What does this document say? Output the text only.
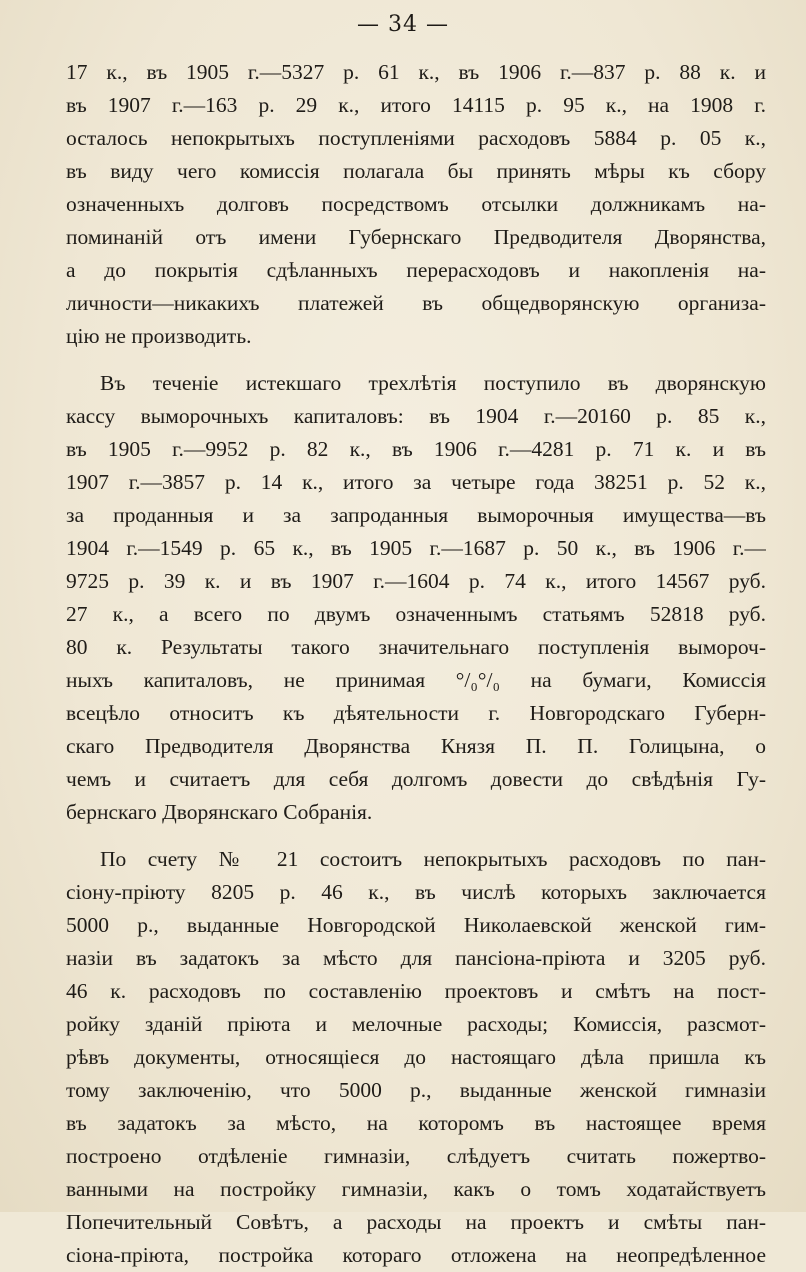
— 34 —
17 к., въ 1905 г.—5327 р. 61 к., въ 1906 г.—837 р. 88 к. и
въ 1907 г.—163 р. 29 к., итого 14115 р. 95 к., на 1908 г.
осталось непокрытыхъ поступленіями расходовъ 5884 р. 05 к.,
въ виду чего комиссія полагала бы принять мѣры къ сбору
означенныхъ долговъ посредствомъ отсылки должникамъ на-
поминаній отъ имени Губернскаго Предводителя Дворянства,
а до покрытія сдѣланныхъ перерасходовъ и накопленія на-
личности—никакихъ платежей въ общедворянскую организа-
цію не производить.
Въ теченіе истекшаго трехлѣтія поступило въ дворянскую
кассу выморочныхъ капиталовъ: въ 1904 г.—20160 р. 85 к.,
въ 1905 г.—9952 р. 82 к., въ 1906 г.—4281 р. 71 к. и въ
1907 г.—3857 р. 14 к., итого за четыре года 38251 р. 52 к.,
за проданныя и за запроданныя выморочныя имущества—въ
1904 г.—1549 р. 65 к., въ 1905 г.—1687 р. 50 к., въ 1906 г.—
9725 р. 39 к. и въ 1907 г.—1604 р. 74 к., итого 14567 руб.
27 к., а всего по двумъ означеннымъ статьямъ 52818 руб.
80 к. Результаты такого значительнаго поступленія вымороч-
ныхъ капиталовъ, не принимая °/₀°/₀ на бумаги, Комиссія
всецѣло относитъ къ дѣятельности г. Новгородскаго Губерн-
скаго Предводителя Дворянства Князя П. П. Голицына, о
чемъ и считаетъ для себя долгомъ довести до свѣдѣнія Гу-
бернскаго Дворянскаго Собранія.
По счету № 21 состоитъ непокрытыхъ расходовъ по пан-
сіону-пріюту 8205 р. 46 к., въ числѣ которыхъ заключается
5000 р., выданные Новгородской Николаевской женской гим-
назіи въ задатокъ за мѣсто для пансіона-пріюта и 3205 руб.
46 к. расходовъ по составленію проектовъ и смѣтъ на пост-
ройку зданій пріюта и мелочные расходы; Комиссія, разсмот-
рѣвъ документы, относящіеся до настоящаго дѣла пришла къ
тому заключенію, что 5000 р., выданные женской гимназіи
въ задатокъ за мѣсто, на которомъ въ настоящее время
построено отдѣленіе гимназіи, слѣдуетъ считать пожертво-
ванными на постройку гимназіи, какъ о томъ ходатайствуетъ
Попечительный Совѣтъ, а расходы на проектъ и смѣты пан-
сіона-пріюта, постройка котораго отложена на неопредѣленное
